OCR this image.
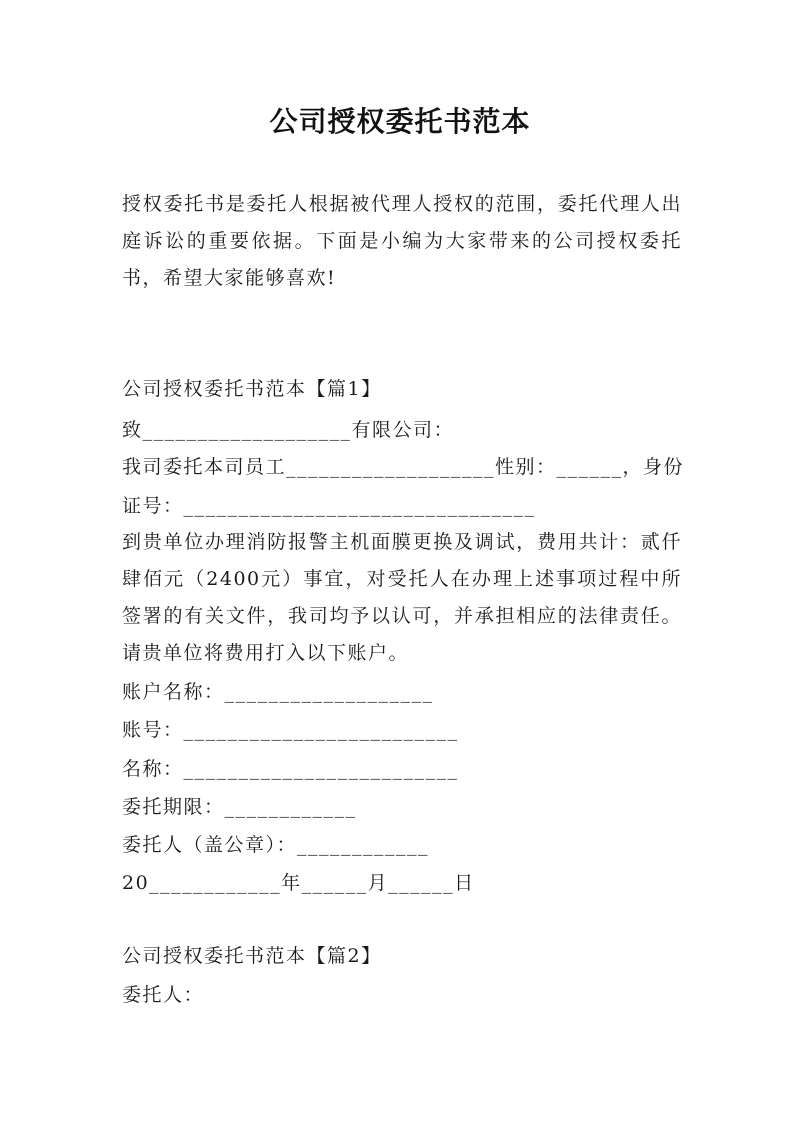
公司授权委托书范本
授权委托书是委托人根据被代理人授权的范围，委托代理人出庭诉讼的重要依据。下面是小编为大家带来的公司授权委托书，希望大家能够喜欢!
公司授权委托书范本【篇1】
致___________________有限公司：
我司委托本司员工___________________性别：______，身份
证号：________________________________
到贵单位办理消防报警主机面膜更换及调试，费用共计：贰仟肆佰元（2400元）事宜，对受托人在办理上述事项过程中所签署的有关文件，我司均予以认可，并承担相应的法律责任。请贵单位将费用打入以下账户。
账户名称：___________________
账号：_________________________
名称：_________________________
委托期限：____________
委托人（盖公章）：____________
20____________年______月______日
公司授权委托书范本【篇2】
委托人：
